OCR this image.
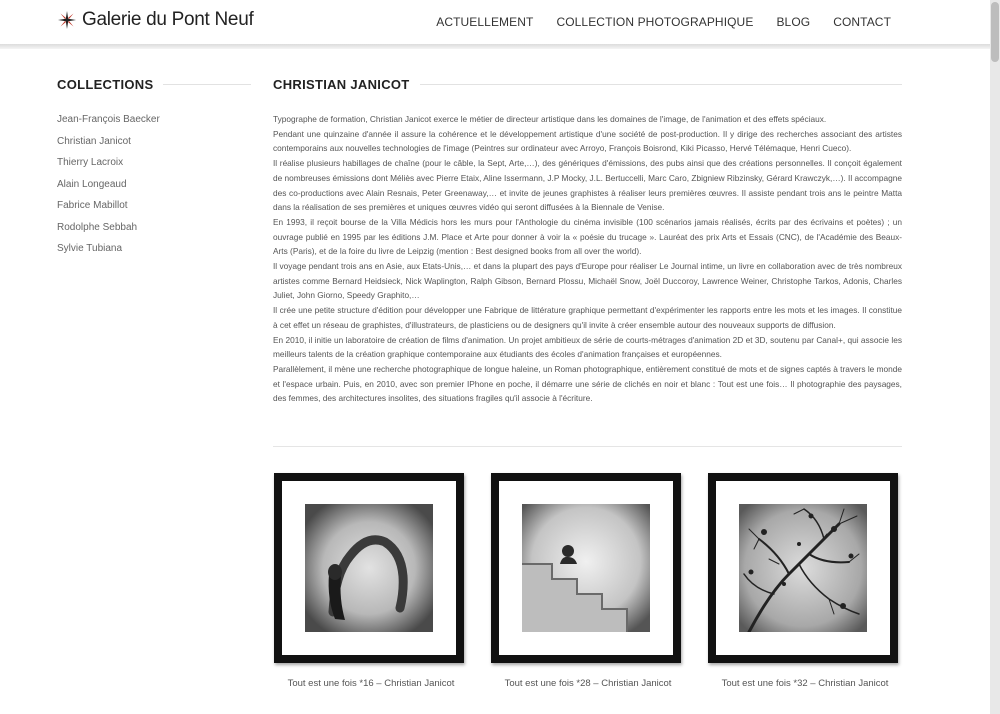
Galerie du Pont Neuf	ACTUELLEMENT COLLECTION PHOTOGRAPHIQUE BLOG CONTACT
COLLECTIONS
Jean-François Baecker
Christian Janicot
Thierry Lacroix
Alain Longeaud
Fabrice Mabillot
Rodolphe Sebbah
Sylvie Tubiana
CHRISTIAN JANICOT

Typographe de formation, Christian Janicot exerce le métier de directeur artistique dans les domaines de l'image, de l'animation et des effets spéciaux.

Pendant une quinzaine d'année il assure la cohérence et le développement artistique d'une société de post-production. Il y dirige des recherches associant des artistes contemporains aux nouvelles technologies de l'image (Peintres sur ordinateur avec Arroyo, François Boisrond, Kiki Picasso, Hervé Télémaque, Henri Cueco).

Il réalise plusieurs habillages de chaîne (pour le câble, la Sept, Arte,…), des génériques d'émissions, des pubs ainsi que des créations personnelles. Il conçoit également de nombreuses émissions dont Méliès avec Pierre Etaix, Aline Issermann, J.P Mocky, J.L. Bertuccelli, Marc Caro, Zbigniew Ribzinsky, Gérard Krawczyk,…). Il accompagne des co-productions avec Alain Resnais, Peter Greenaway,… et invite de jeunes graphistes à réaliser leurs premières œuvres. Il assiste pendant trois ans le peintre Matta dans la réalisation de ses premières et uniques œuvres vidéo qui seront diffusées à la Biennale de Venise.

En 1993, il reçoit bourse de la Villa Médicis hors les murs pour l'Anthologie du cinéma invisible (100 scénarios jamais réalisés, écrits par des écrivains et poètes) ; un ouvrage publié en 1995 par les éditions J.M. Place et Arte pour donner à voir la « poésie du trucage ». Lauréat des prix Arts et Essais (CNC), de l'Académie des Beaux-Arts (Paris), et de la foire du livre de Leipzig (mention : Best designed books from all over the world).

Il voyage pendant trois ans en Asie, aux Etats-Unis,… et dans la plupart des pays d'Europe pour réaliser Le Journal intime, un livre en collaboration avec de très nombreux artistes comme Bernard Heidsieck, Nick Waplington, Ralph Gibson, Bernard Plossu, Michaël Snow, Joël Duccoroy, Lawrence Weiner, Christophe Tarkos, Adonis, Charles Juliet, John Giorno, Speedy Graphito,…

Il crée une petite structure d'édition pour développer une Fabrique de littérature graphique permettant d'expérimenter les rapports entre les mots et les images. Il constitue à cet effet un réseau de graphistes, d'illustrateurs, de plasticiens ou de designers qu'il invite à créer ensemble autour des nouveaux supports de diffusion.

En 2010, il initie un laboratoire de création de films d'animation. Un projet ambitieux de série de courts-métrages d'animation 2D et 3D, soutenu par Canal+, qui associe les meilleurs talents de la création graphique contemporaine aux étudiants des écoles d'animation françaises et européennes.

Parallèlement, il mène une recherche photographique de longue haleine, un Roman photographique, entièrement constitué de mots et de signes captés à travers le monde et l'espace urbain. Puis, en 2010, avec son premier IPhone en poche, il démarre une série de clichés en noir et blanc : Tout est une fois… Il photographie des paysages, des femmes, des architectures insolites, des situations fragiles qu'il associe à l'écriture.

Tout est une fois *16 – Christian Janicot	Tout est une fois *28 – Christian Janicot	Tout est une fois *32 – Christian Janicot
